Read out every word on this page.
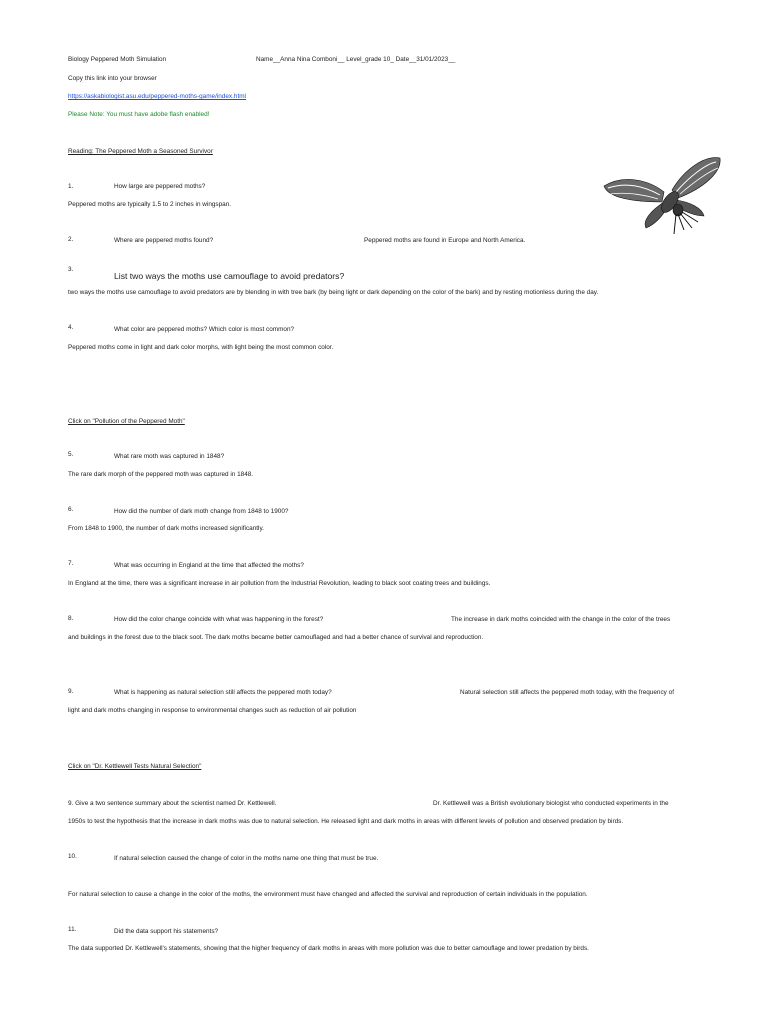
Biology Peppered Moth Simulation	Name__Anna Nina Comboni__ Level_grade 10_ Date__31/01/2023__
Copy this link into your browser
https://askabiologist.asu.edu/peppered-moths-game/index.html
Please Note: You must have adobe flash enabled!
Reading: The Peppered Moth a Seasoned Survivor
1.	How large are peppered moths?
Peppered moths are typically 1.5 to 2 inches in wingspan.
2.	Where are peppered moths found?	Peppered moths are found in Europe and North America.
3.
List two ways the moths use camouflage to avoid predators?
two ways the moths use camouflage to avoid predators are by blending in with tree bark (by being light or dark depending on the color of the bark) and by resting motionless during the day.
4.	What color are peppered moths? Which color is most common?
Peppered moths come in light and dark color morphs, with light being the most common color.
Click on "Pollution of the Peppered Moth"
5.	What rare moth was captured in 1848?
The rare dark morph of the peppered moth was captured in 1848.
6.	How did the number of dark moth change from 1848 to 1900?
From 1848 to 1900, the number of dark moths increased significantly.
7.	What was occurring in England at the time that affected the moths?
In England at the time, there was a significant increase in air pollution from the Industrial Revolution, leading to black soot coating trees and buildings.
8.	How did the color change coincide with what was happening in the forest?	The increase in dark moths coincided with the change in the color of the trees
and buildings in the forest due to the black soot. The dark moths became better camouflaged and had a better chance of survival and reproduction.
9.	What is happening as natural selection still affects the peppered moth today?	Natural selection still affects the peppered moth today, with the frequency of
light and dark moths changing in response to environmental changes such as reduction of air pollution
Click on "Dr. Kettlewell Tests Natural Selection"
9. Give a two sentence summary about the scientist named Dr. Kettlewell.	Dr. Kettlewell was a British evolutionary biologist who conducted experiments in the
1950s to test the hypothesis that the increase in dark moths was due to natural selection. He released light and dark moths in areas with different levels of pollution and observed predation by birds.
10.	If natural selection caused the change of color in the moths name one thing that must be true.
For natural selection to cause a change in the color of the moths, the environment must have changed and affected the survival and reproduction of certain individuals in the population.
11.	Did the data support his statements?
The data supported Dr. Kettlewell's statements, showing that the higher frequency of dark moths in areas with more pollution was due to better camouflage and lower predation by birds.
